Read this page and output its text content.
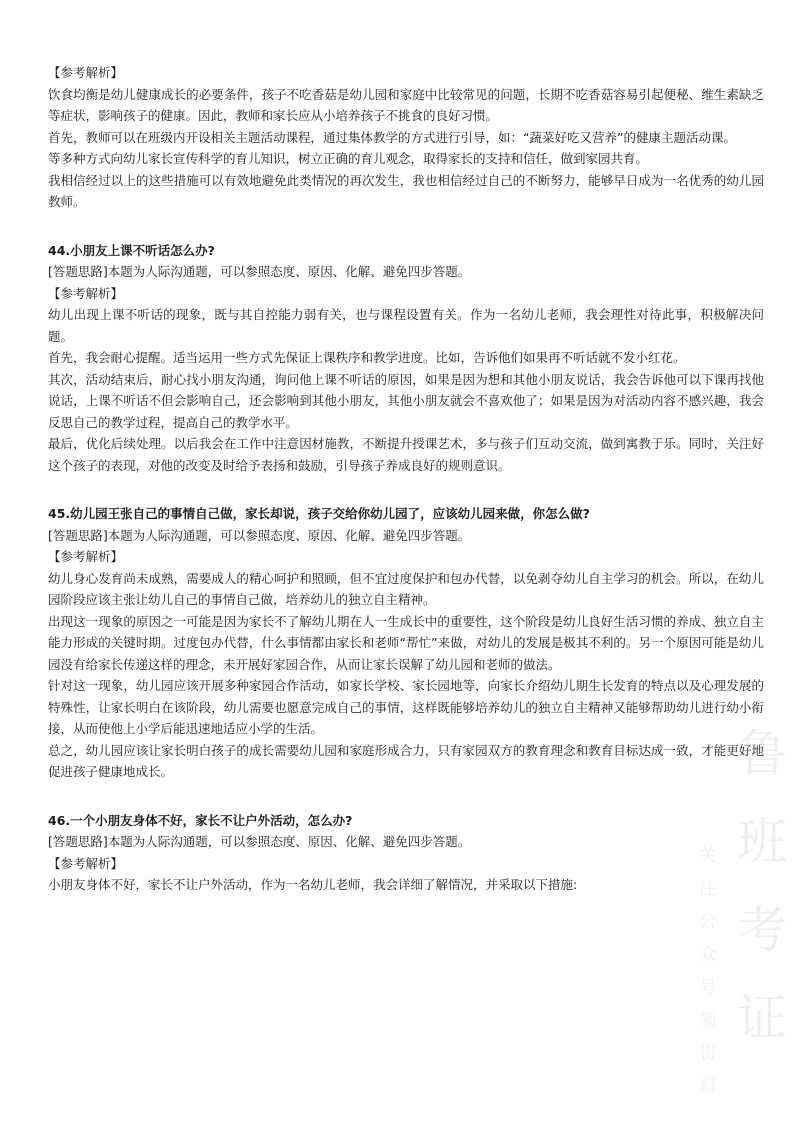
【参考解析】

饮食均衡是幼儿健康成长的必要条件，孩子不吃香菇是幼儿园和家庭中比较常见的问题，长期不吃香菇容易引起便秘、维生素缺乏等症状，影响孩子的健康。因此，教师和家长应从小培养孩子不挑食的良好习惯。

首先，教师可以在班级内开设相关主题活动课程，通过集体教学的方式进行引导，如：“蔬菜好吃又营养”的健康主题活动课。

等多种方式向幼儿家长宣传科学的育儿知识，树立正确的育儿观念，取得家长的支持和信任，做到家园共育。

我相信经过以上的这些措施可以有效地避免此类情况的再次发生，我也相信经过自己的不断努力，能够早日成为一名优秀的幼儿园教师。

44.小朋友上课不听话怎么办?

[答题思路]本题为人际沟通题，可以参照态度、原因、化解、避免四步答题。

【参考解析】

幼儿出现上课不听话的现象，既与其自控能力弱有关，也与课程设置有关。作为一名幼儿老师，我会理性对待此事，积极解决问题。

首先，我会耐心提醒。适当运用一些方式先保证上课秩序和教学进度。比如，告诉他们如果再不听话就不发小红花。

其次，活动结束后，耐心找小朋友沟通，询问他上课不听话的原因，如果是因为想和其他小朋友说话，我会告诉他可以下课再找他说话，上课不听话不但会影响自己，还会影响到其他小朋友，其他小朋友就会不喜欢他了；如果是因为对活动内容不感兴趣，我会反思自己的教学过程，提高自己的教学水平。

最后，优化后续处理。以后我会在工作中注意因材施教，不断提升授课艺术，多与孩子们互动交流，做到寓教于乐。同时，关注好这个孩子的表现，对他的改变及时给予表扬和鼓励，引导孩子养成良好的规则意识。

45.幼儿园王张自己的事情自己做，家长却说，孩子交给你幼儿园了，应该幼儿园来做，你怎么做?

[答题思路]本题为人际沟通题，可以参照态度、原因、化解、避免四步答题。

【参考解析】

幼儿身心发育尚未成熟，需要成人的精心呵护和照顾，但不宜过度保护和包办代替，以免剥夺幼儿自主学习的机会。所以，在幼儿园阶段应该主张让幼儿自己的事情自己做，培养幼儿的独立自主精神。

出现这一现象的原因之一可能是因为家长不了解幼儿期在人一生成长中的重要性，这个阶段是幼儿良好生活习惯的养成、独立自主能力形成的关键时期。过度包办代替，什么事情都由家长和老师“帮忙”来做，对幼儿的发展是极其不利的。另一个原因可能是幼儿园没有给家长传递这样的理念，未开展好家园合作，从而让家长误解了幼儿园和老师的做法。

针对这一现象，幼儿园应该开展多种家园合作活动，如家长学校、家长园地等，向家长介绍幼儿期生长发育的特点以及心理发展的特殊性，让家长明白在该阶段，幼儿需要也愿意完成自己的事情，这样既能够培养幼儿的独立自主精神又能够帮助幼儿进行幼小衔接，从而使他上小学后能迅速地适应小学的生活。

总之，幼儿园应该让家长明白孩子的成长需要幼儿园和家庭形成合力，只有家园双方的教育理念和教育目标达成一致，才能更好地促进孩子健康地成长。

46.一个小朋友身体不好，家长不让户外活动，怎么办?

[答题思路]本题为人际沟通题，可以参照态度、原因、化解、避免四步答题。

【参考解析】

小朋友身体不好，家长不让户外活动，作为一名幼儿老师，我会详细了解情况，并采取以下措施:

鲁
班
考
证
关
注
公
众
号
领
资
料
